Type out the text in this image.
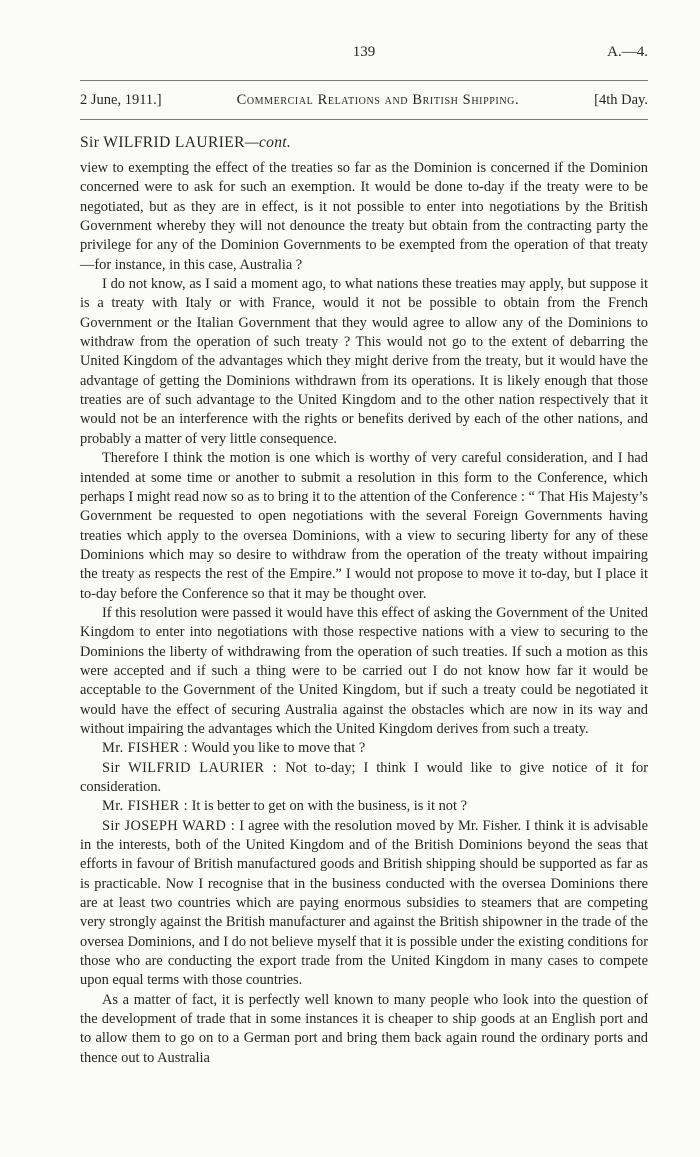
139	A.—4.
2 June, 1911.]	Commercial Relations and British Shipping.	[4th Day.
Sir WILFRID LAURIER—cont.

view to exempting the effect of the treaties so far as the Dominion is concerned if the Dominion concerned were to ask for such an exemption. It would be done to-day if the treaty were to be negotiated, but as they are in effect, is it not possible to enter into negotiations by the British Government whereby they will not denounce the treaty but obtain from the contracting party the privilege for any of the Dominion Governments to be exempted from the operation of that treaty—for instance, in this case, Australia ?

I do not know, as I said a moment ago, to what nations these treaties may apply, but suppose it is a treaty with Italy or with France, would it not be possible to obtain from the French Government or the Italian Government that they would agree to allow any of the Dominions to withdraw from the operation of such treaty ? This would not go to the extent of debarring the United Kingdom of the advantages which they might derive from the treaty, but it would have the advantage of getting the Dominions withdrawn from its operations. It is likely enough that those treaties are of such advantage to the United Kingdom and to the other nation respectively that it would not be an interference with the rights or benefits derived by each of the other nations, and probably a matter of very little consequence.

Therefore I think the motion is one which is worthy of very careful consideration, and I had intended at some time or another to submit a resolution in this form to the Conference, which perhaps I might read now so as to bring it to the attention of the Conference : “ That His Majesty’s Government be requested to open negotiations with the several Foreign Governments having treaties which apply to the oversea Dominions, with a view to securing liberty for any of these Dominions which may so desire to withdraw from the operation of the treaty without impairing the treaty as respects the rest of the Empire.” I would not propose to move it to-day, but I place it to-day before the Conference so that it may be thought over.

If this resolution were passed it would have this effect of asking the Government of the United Kingdom to enter into negotiations with those respective nations with a view to securing to the Dominions the liberty of withdrawing from the operation of such treaties. If such a motion as this were accepted and if such a thing were to be carried out I do not know how far it would be acceptable to the Government of the United Kingdom, but if such a treaty could be negotiated it would have the effect of securing Australia against the obstacles which are now in its way and without impairing the advantages which the United Kingdom derives from such a treaty.

Mr. FISHER : Would you like to move that ?

Sir WILFRID LAURIER : Not to-day; I think I would like to give notice of it for consideration.

Mr. FISHER : It is better to get on with the business, is it not ?

Sir JOSEPH WARD : I agree with the resolution moved by Mr. Fisher. I think it is advisable in the interests, both of the United Kingdom and of the British Dominions beyond the seas that efforts in favour of British manufactured goods and British shipping should be supported as far as is practicable. Now I recognise that in the business conducted with the oversea Dominions there are at least two countries which are paying enormous subsidies to steamers that are competing very strongly against the British manufacturer and against the British shipowner in the trade of the oversea Dominions, and I do not believe myself that it is possible under the existing conditions for those who are conducting the export trade from the United Kingdom in many cases to compete upon equal terms with those countries.

As a matter of fact, it is perfectly well known to many people who look into the question of the development of trade that in some instances it is cheaper to ship goods at an English port and to allow them to go on to a German port and bring them back again round the ordinary ports and thence out to Australia
